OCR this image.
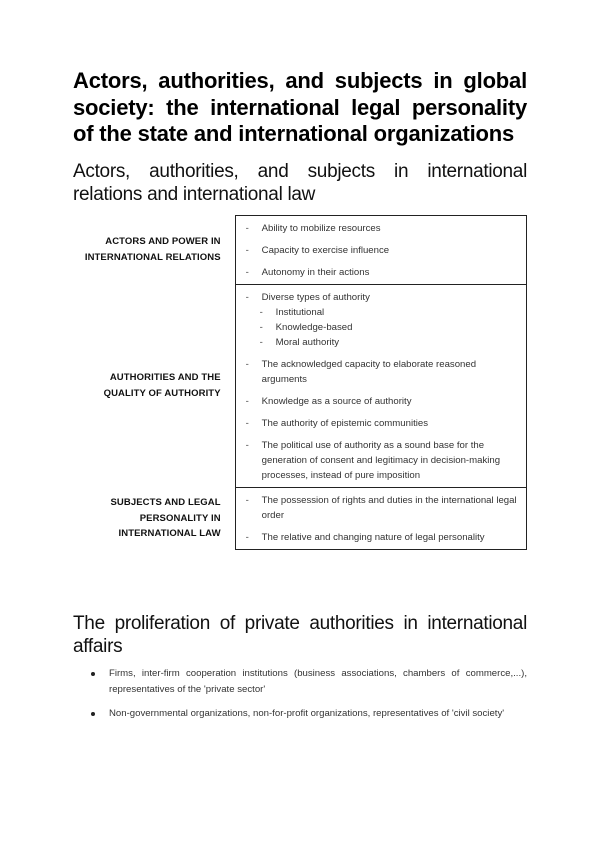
Actors, authorities, and subjects in global society: the international legal personality of the state and international organizations
Actors, authorities, and subjects in international relations and international law
ACTORS AND POWER IN INTERNATIONAL RELATIONS
- Ability to mobilize resources
- Capacity to exercise influence
- Autonomy in their actions
AUTHORITIES AND THE QUALITY OF AUTHORITY
- Diverse types of authority
- Institutional
- Knowledge-based
- Moral authority
- The acknowledged capacity to elaborate reasoned arguments
- Knowledge as a source of authority
- The authority of epistemic communities
- The political use of authority as a sound base for the generation of consent and legitimacy in decision-making processes, instead of pure imposition
SUBJECTS AND LEGAL PERSONALITY IN INTERNATIONAL LAW
- The possession of rights and duties in the international legal order
- The relative and changing nature of legal personality
The proliferation of private authorities in international affairs
Firms, inter-firm cooperation institutions (business associations, chambers of commerce,...), representatives of the 'private sector'
Non-governmental organizations, non-for-profit organizations, representatives of 'civil society'
